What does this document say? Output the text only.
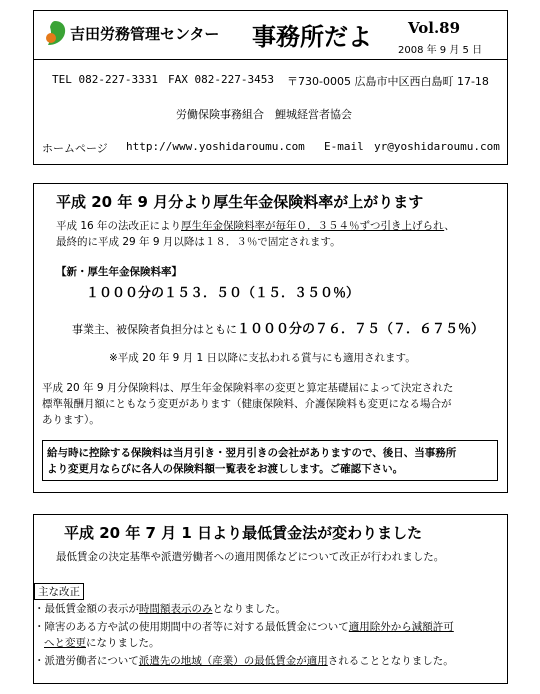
吉田労務管理センター 事務所だよ Vol.89
2008 年 9 月 5 日
TEL 082-227-3331 FAX 082-227-3453 〒730-0005 広島市中区西白島町 17-18
労働保険事務組合　鯉城経営者協会
ホームページ http://www.yoshidaroumu.com E-mail yr@yoshidaroumu.com
平成 20 年 9 月分より厚生年金保険料率が上がります
平成 16 年の法改正により厚生年金保険料率が毎年０．３５４％ずつ引き上げられ、
最終的に平成 29 年 9 月以降は１８．３％で固定されます。
【新・厚生年金保険料率】
１０００分の１５３．５０（１５．３５０％）
事業主、被保険者負担分はともに１０００分の７６．７５（７．６７５％）
※平成 20 年 9 月 1 日以降に支払われる賞与にも適用されます。
平成 20 年 9 月分保険料は、厚生年金保険料率の変更と算定基礎届によって決定された
標準報酬月額にともなう変更があります（健康保険料、介護保険料も変更になる場合が
あります）。
給与時に控除する保険料は当月引き・翌月引きの会社がありますので、後日、当事務所
より変更月ならびに各人の保険料額一覧表をお渡しします。ご確認下さい。
平成 20 年 7 月 1 日より最低賃金法が変わりました
最低賃金の決定基準や派遣労働者への適用関係などについて改正が行われました。
主な改正
・最低賃金額の表示が時間額表示のみとなりました。
・障害のある方や試の使用期間中の者等に対する最低賃金について適用除外から減額許可
へと変更になりました。
・派遣労働者について派遣先の地域（産業）の最低賃金が適用されることとなりました。
